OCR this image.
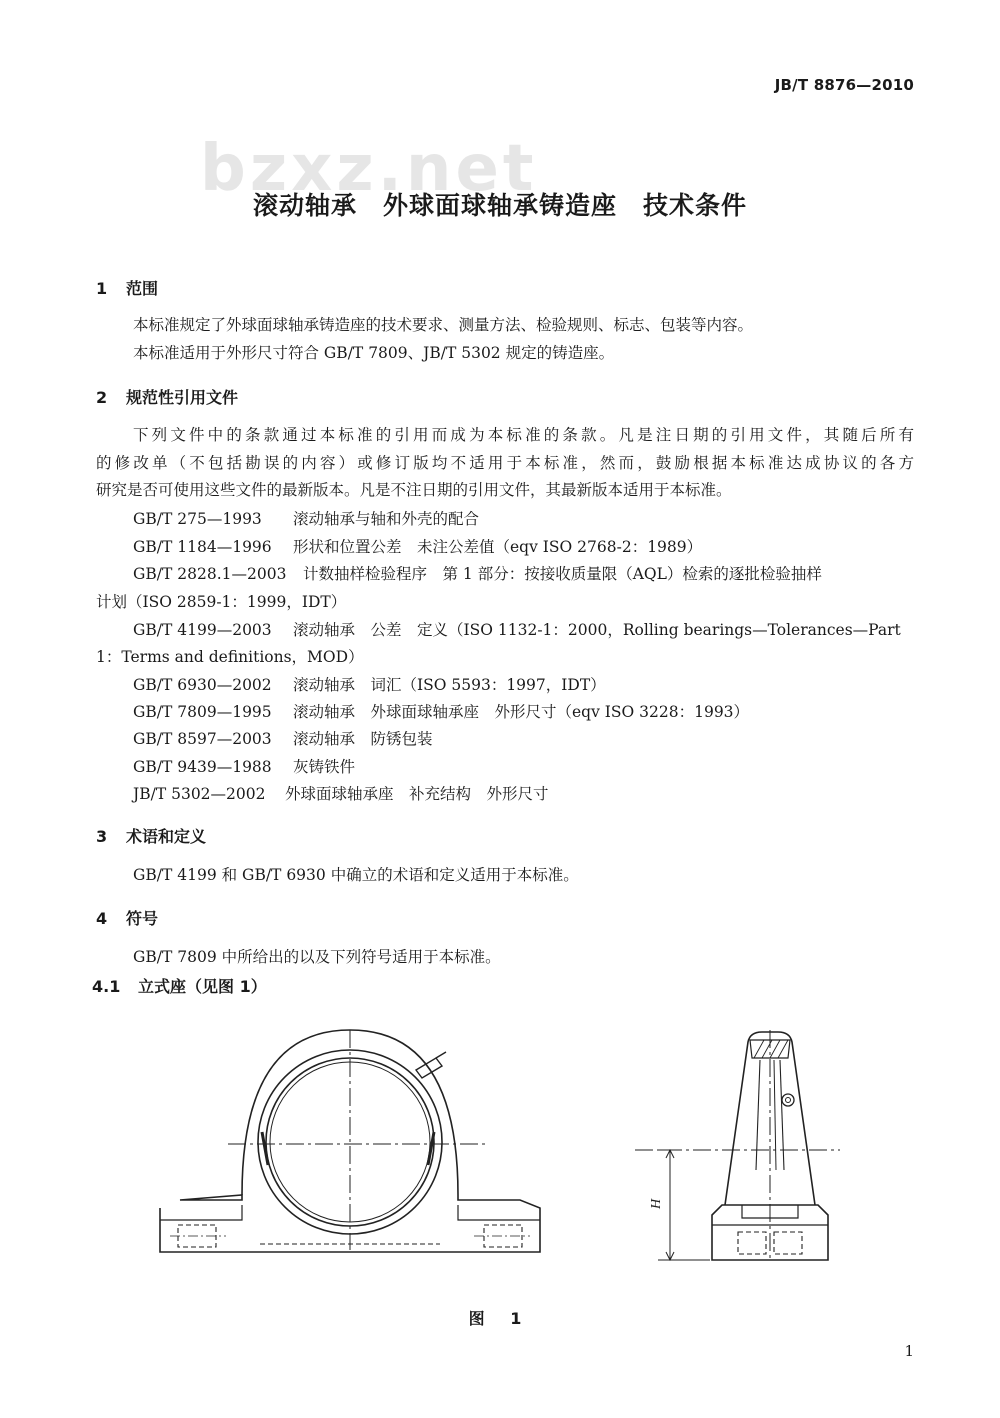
JB/T 8876—2010
bzxz.net
滚动轴承　外球面球轴承铸造座　技术条件
1 范围
本标准规定了外球面球轴承铸造座的技术要求、测量方法、检验规则、标志、包装等内容。
本标准适用于外形尺寸符合 GB/T 7809、JB/T 5302 规定的铸造座。
2 规范性引用文件
下列文件中的条款通过本标准的引用而成为本标准的条款。凡是注日期的引用文件，其随后所有
的修改单（不包括勘误的内容）或修订版均不适用于本标准，然而，鼓励根据本标准达成协议的各方
研究是否可使用这些文件的最新版本。凡是不注日期的引用文件，其最新版本适用于本标准。
GB/T 275—1993 滚动轴承与轴和外壳的配合
GB/T 1184—1996 形状和位置公差　未注公差值（eqv ISO 2768-2：1989）
GB/T 2828.1—2003 计数抽样检验程序　第 1 部分：按接收质量限（AQL）检索的逐批检验抽样
计划（ISO 2859-1：1999，IDT）
GB/T 4199—2003 滚动轴承　公差　定义（ISO 1132-1：2000，Rolling bearings—Tolerances—Part
1：Terms and definitions，MOD）
GB/T 6930—2002 滚动轴承　词汇（ISO 5593：1997，IDT）
GB/T 7809—1995 滚动轴承　外球面球轴承座　外形尺寸（eqv ISO 3228：1993）
GB/T 8597—2003 滚动轴承　防锈包装
GB/T 9439—1988 灰铸铁件
JB/T 5302—2002 外球面球轴承座　补充结构　外形尺寸
3 术语和定义
GB/T 4199 和 GB/T 6930 中确立的术语和定义适用于本标准。
4 符号
GB/T 7809 中所给出的以及下列符号适用于本标准。
4.1 立式座（见图 1）
H
图 1
1
